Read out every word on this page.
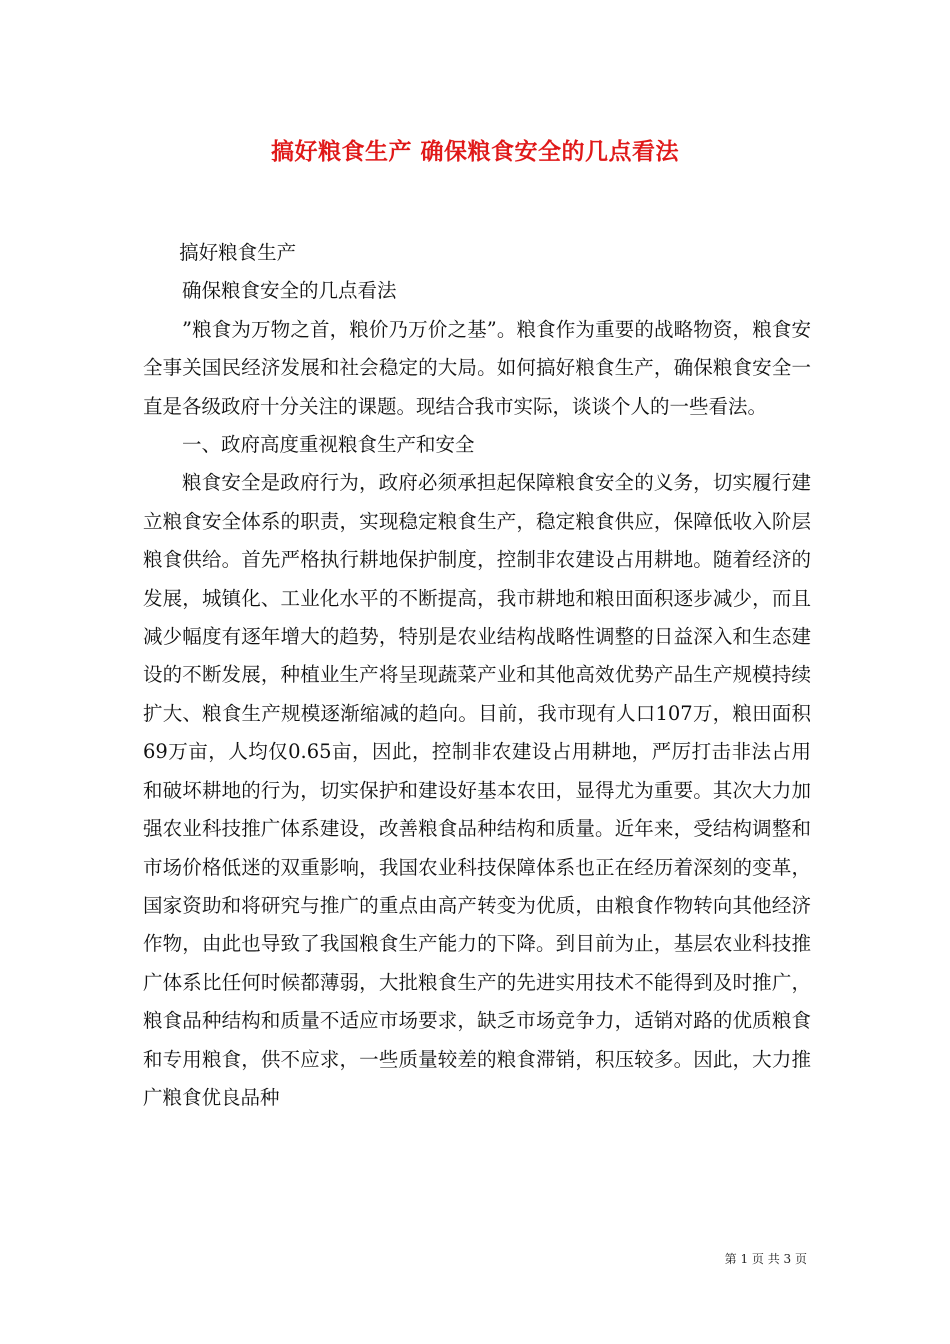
搞好粮食生产 确保粮食安全的几点看法

搞好粮食生产

确保粮食安全的几点看法

”粮食为万物之首，粮价乃万价之基”。粮食作为重要的战略物资，粮食安全事关国民经济发展和社会稳定的大局。如何搞好粮食生产，确保粮食安全一直是各级政府十分关注的课题。现结合我市实际，谈谈个人的一些看法。

一、政府高度重视粮食生产和安全

粮食安全是政府行为，政府必须承担起保障粮食安全的义务，切实履行建立粮食安全体系的职责，实现稳定粮食生产，稳定粮食供应，保障低收入阶层粮食供给。首先严格执行耕地保护制度，控制非农建设占用耕地。随着经济的发展，城镇化、工业化水平的不断提高，我市耕地和粮田面积逐步减少，而且减少幅度有逐年增大的趋势，特别是农业结构战略性调整的日益深入和生态建设的不断发展，种植业生产将呈现蔬菜产业和其他高效优势产品生产规模持续扩大、粮食生产规模逐渐缩减的趋向。目前，我市现有人口107万，粮田面积69万亩，人均仅0.65亩，因此，控制非农建设占用耕地，严厉打击非法占用和破坏耕地的行为，切实保护和建设好基本农田，显得尤为重要。其次大力加强农业科技推广体系建设，改善粮食品种结构和质量。近年来，受结构调整和市场价格低迷的双重影响，我国农业科技保障体系也正在经历着深刻的变革，国家资助和将研究与推广的重点由高产转变为优质，由粮食作物转向其他经济作物，由此也导致了我国粮食生产能力的下降。到目前为止，基层农业科技推广体系比任何时候都薄弱，大批粮食生产的先进实用技术不能得到及时推广，粮食品种结构和质量不适应市场要求，缺乏市场竞争力，适销对路的优质粮食和专用粮食，供不应求，一些质量较差的粮食滞销，积压较多。因此，大力推广粮食优良品种

第 1 页 共 3 页
